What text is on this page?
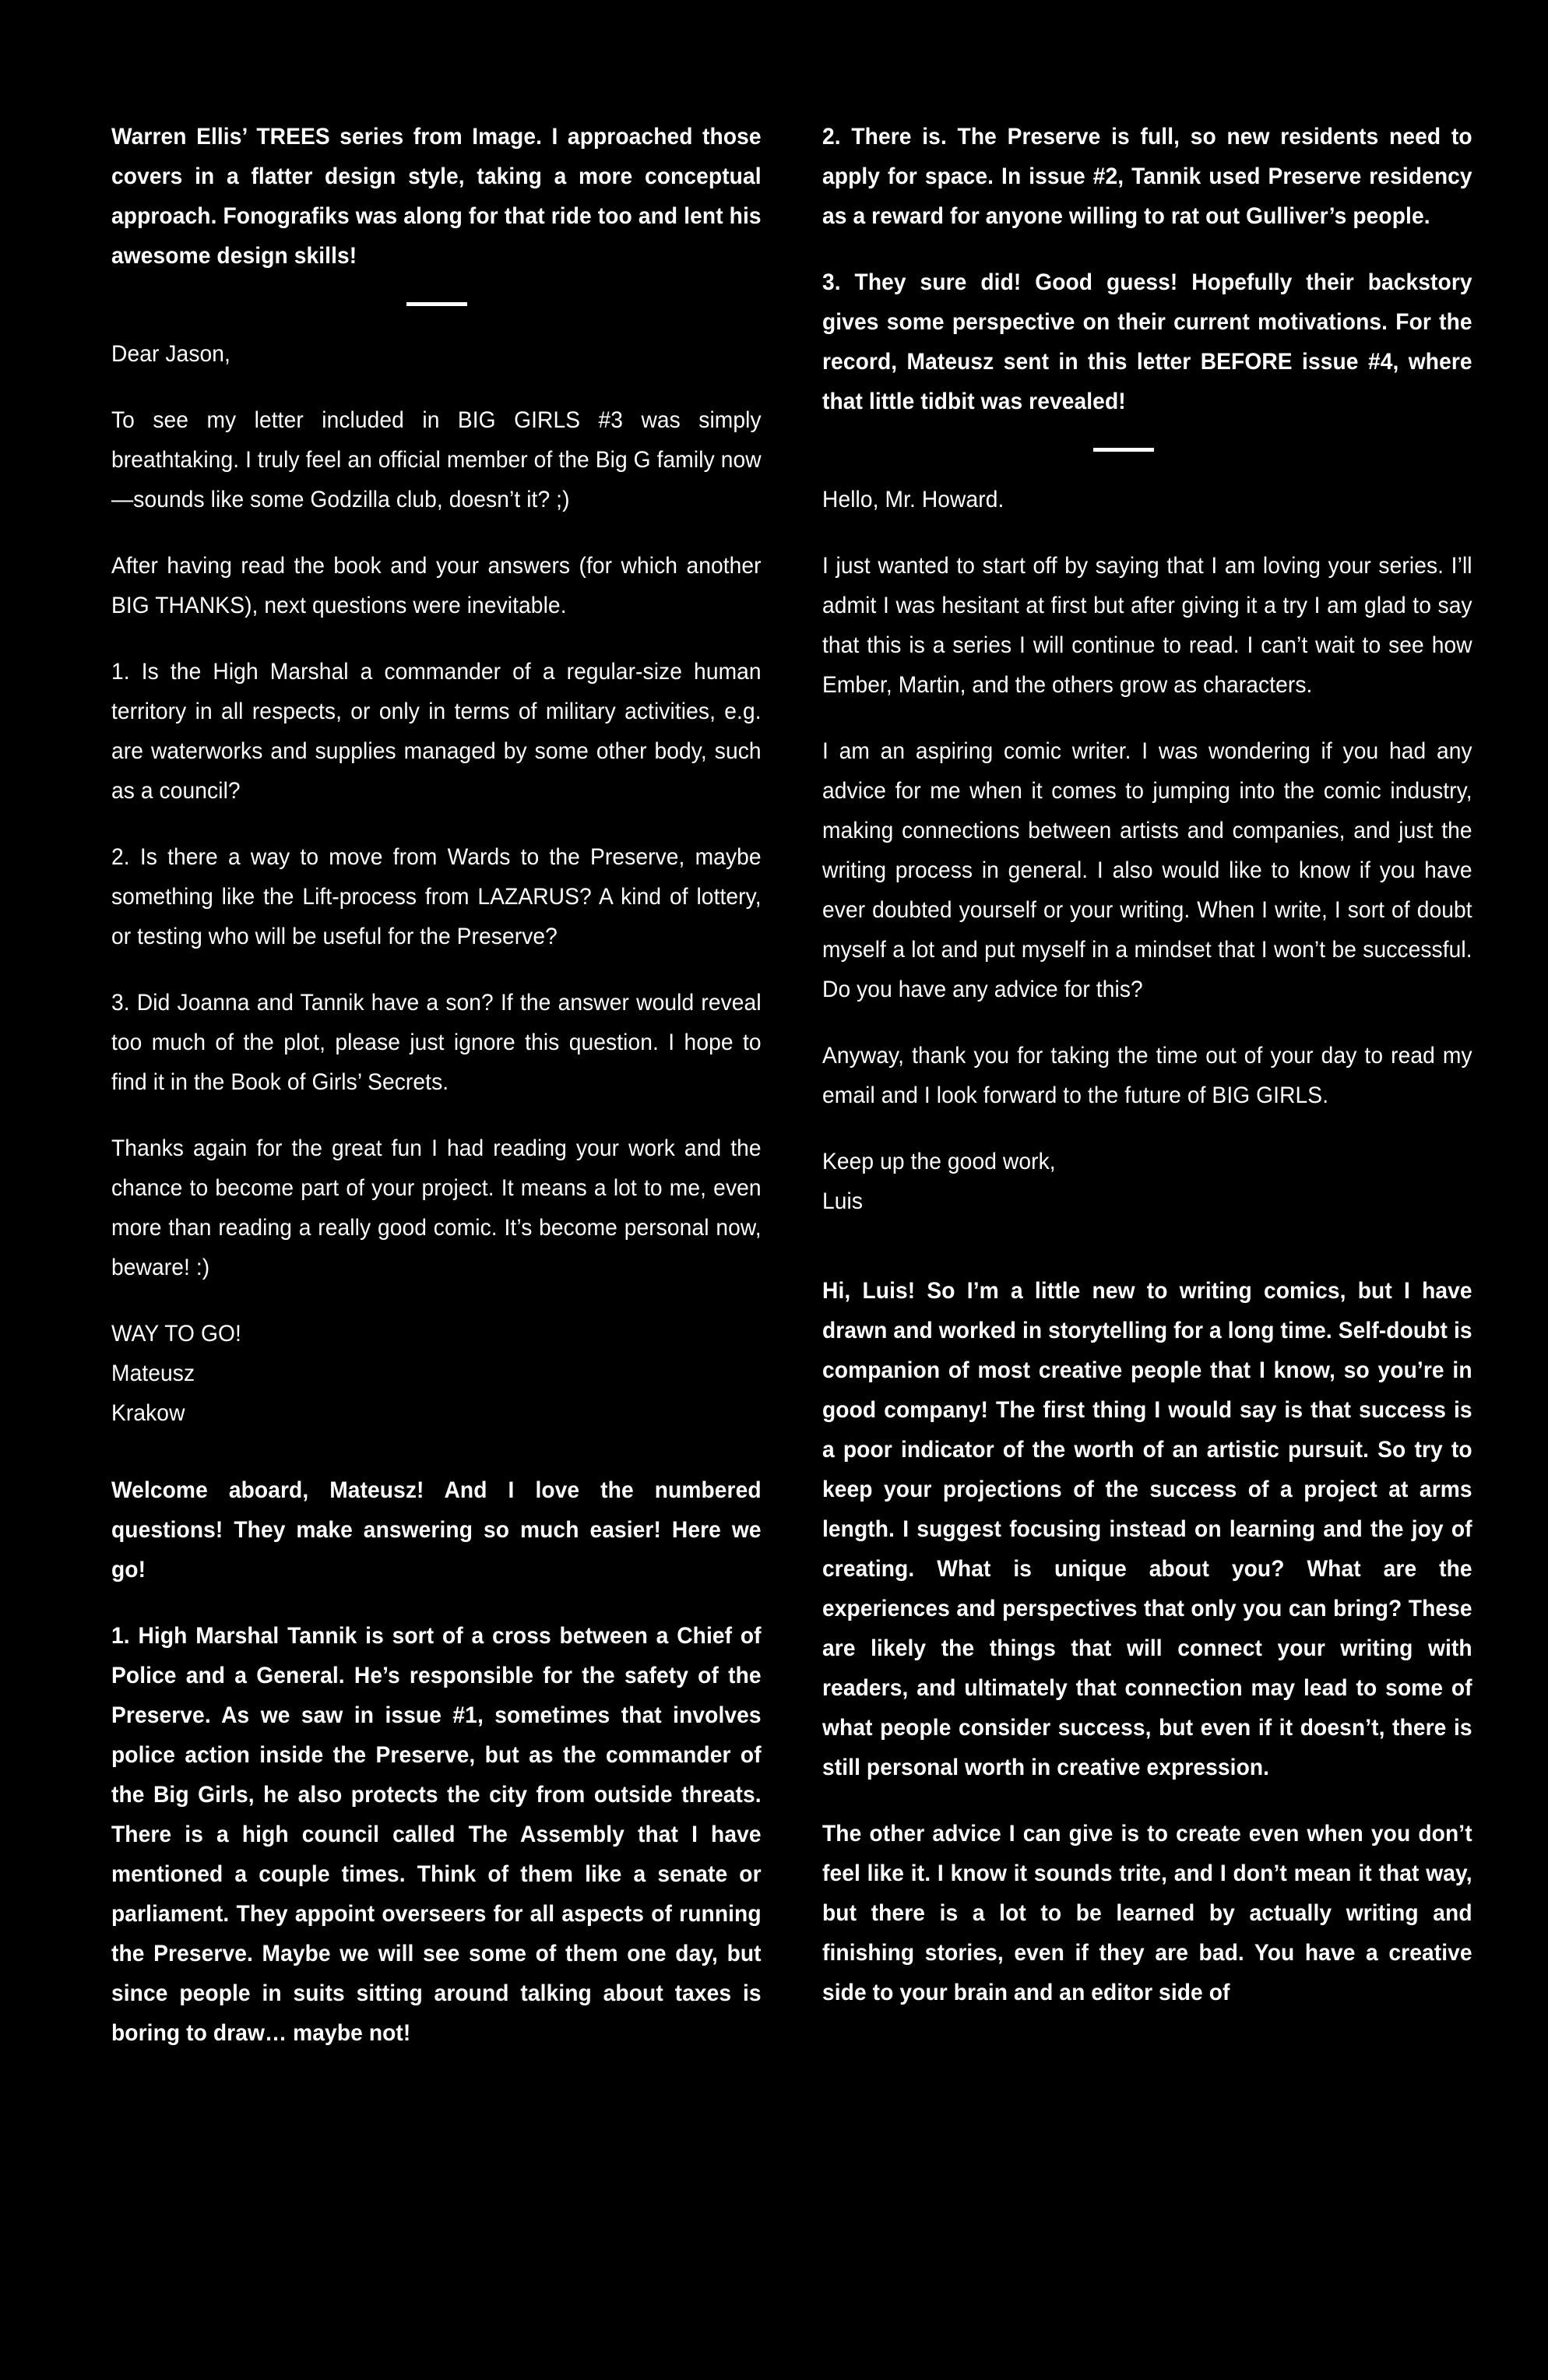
Warren Ellis’ TREES series from Image. I approached those covers in a flatter design style, taking a more conceptual approach. Fonografiks was along for that ride too and lent his awesome design skills!

Dear Jason,

To see my letter included in BIG GIRLS #3 was simply breathtaking. I truly feel an official member of the Big G family now—sounds like some Godzilla club, doesn’t it? ;)

After having read the book and your answers (for which another BIG THANKS), next questions were inevitable.

1. Is the High Marshal a commander of a regular-size human territory in all respects, or only in terms of military activities, e.g. are waterworks and supplies managed by some other body, such as a council?

2. Is there a way to move from Wards to the Preserve, maybe something like the Lift-process from LAZARUS? A kind of lottery, or testing who will be useful for the Preserve?

3. Did Joanna and Tannik have a son? If the answer would reveal too much of the plot, please just ignore this question. I hope to find it in the Book of Girls’ Secrets.

Thanks again for the great fun I had reading your work and the chance to become part of your project. It means a lot to me, even more than reading a really good comic. It’s become personal now, beware! :)

WAY TO GO!

Mateusz

Krakow

Welcome aboard, Mateusz! And I love the numbered questions! They make answering so much easier! Here we go!

1. High Marshal Tannik is sort of a cross between a Chief of Police and a General. He’s responsible for the safety of the Preserve. As we saw in issue #1, sometimes that involves police action inside the Preserve, but as the commander of the Big Girls, he also protects the city from outside threats. There is a high council called The Assembly that I have mentioned a couple times. Think of them like a senate or parliament. They appoint overseers for all aspects of running the Preserve. Maybe we will see some of them one day, but since people in suits sitting around talking about taxes is boring to draw… maybe not!

2. There is. The Preserve is full, so new residents need to apply for space. In issue #2, Tannik used Preserve residency as a reward for anyone willing to rat out Gulliver’s people.

3. They sure did! Good guess! Hopefully their backstory gives some perspective on their current motivations. For the record, Mateusz sent in this letter BEFORE issue #4, where that little tidbit was revealed!

Hello, Mr. Howard.

I just wanted to start off by saying that I am loving your series. I’ll admit I was hesitant at first but after giving it a try I am glad to say that this is a series I will continue to read. I can’t wait to see how Ember, Martin, and the others grow as characters.

I am an aspiring comic writer. I was wondering if you had any advice for me when it comes to jumping into the comic industry, making connections between artists and companies, and just the writing process in general. I also would like to know if you have ever doubted yourself or your writing. When I write, I sort of doubt myself a lot and put myself in a mindset that I won’t be successful. Do you have any advice for this?

Anyway, thank you for taking the time out of your day to read my email and I look forward to the future of BIG GIRLS.

Keep up the good work,

Luis

Hi, Luis! So I’m a little new to writing comics, but I have drawn and worked in storytelling for a long time. Self-doubt is companion of most creative people that I know, so you’re in good company! The first thing I would say is that success is a poor indicator of the worth of an artistic pursuit. So try to keep your projections of the success of a project at arms length. I suggest focusing instead on learning and the joy of creating. What is unique about you? What are the experiences and perspectives that only you can bring? These are likely the things that will connect your writing with readers, and ultimately that connection may lead to some of what people consider success, but even if it doesn’t, there is still personal worth in creative expression.

The other advice I can give is to create even when you don’t feel like it. I know it sounds trite, and I don’t mean it that way, but there is a lot to be learned by actually writing and finishing stories, even if they are bad. You have a creative side to your brain and an editor side of
